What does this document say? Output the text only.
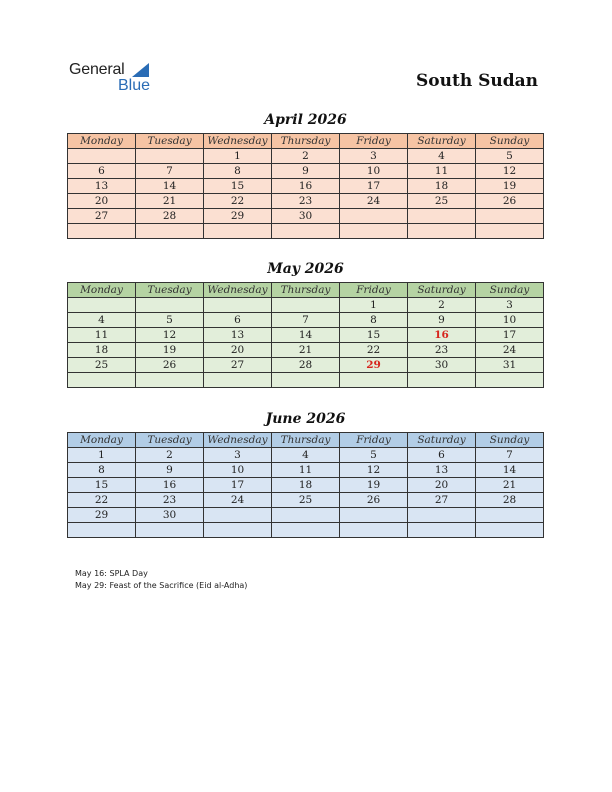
General
Blue	South Sudan
April 2026
Monday	Tuesday	Wednesday	Thursday	Friday	Saturday	Sunday
		1	2	3	4	5
6	7	8	9	10	11	12
13	14	15	16	17	18	19
20	21	22	23	24	25	26
27	28	29	30			

May 2026
Monday	Tuesday	Wednesday	Thursday	Friday	Saturday	Sunday
				1	2	3
4	5	6	7	8	9	10
11	12	13	14	15	16	17
18	19	20	21	22	23	24
25	26	27	28	29	30	31

June 2026
Monday	Tuesday	Wednesday	Thursday	Friday	Saturday	Sunday
1	2	3	4	5	6	7
8	9	10	11	12	13	14
15	16	17	18	19	20	21
22	23	24	25	26	27	28
29	30					

May 16: SPLA Day
May 29: Feast of the Sacrifice (Eid al-Adha)
